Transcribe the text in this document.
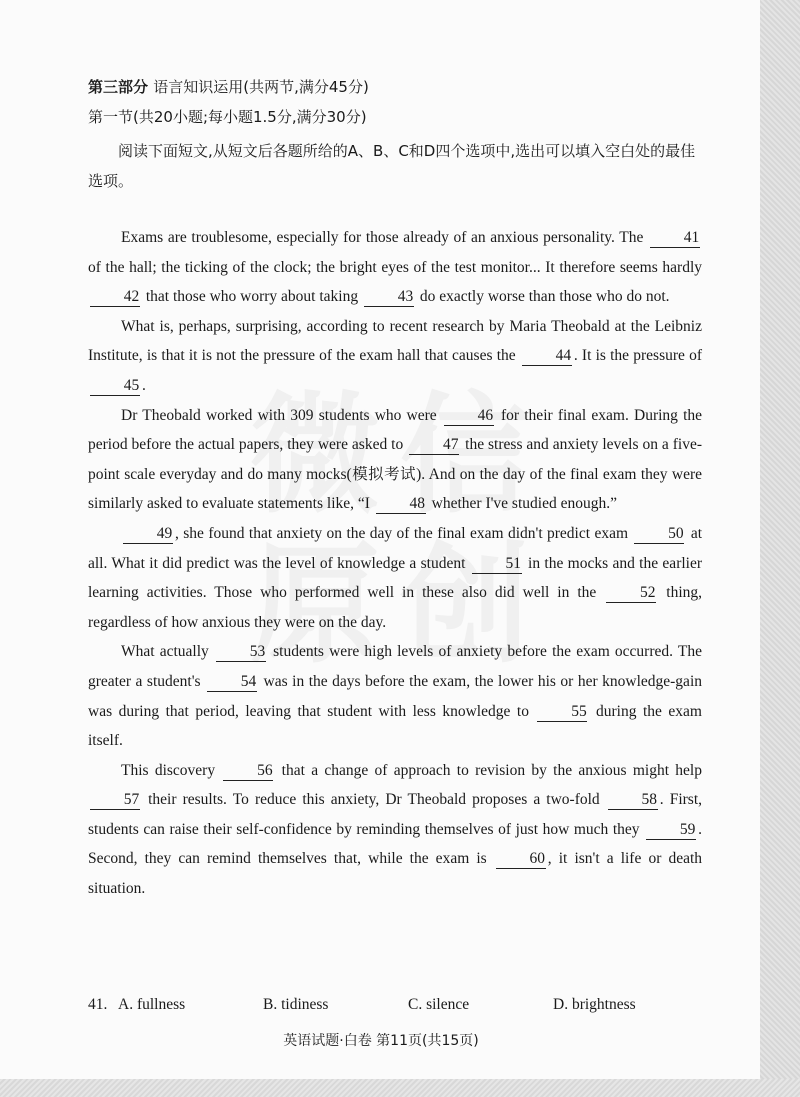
第三部分 语言知识运用(共两节,满分45分)
第一节(共20小题;每小题1.5分,满分30分)
阅读下面短文,从短文后各题所给的A、B、C和D四个选项中,选出可以填入空白处的最佳选项。

Exams are troublesome, especially for those already of an anxious personality. The	41 of the hall; the ticking of the clock; the bright eyes of the test monitor... It therefore seems hardly 42 that those who worry about taking	43 do exactly worse than those who do not.

What is, perhaps, surprising, according to recent research by Maria Theobald at the Leibniz Institute, is that it is not the pressure of the exam hall that causes the	44 . It is the pressure of 45 .

Dr Theobald worked with 309 students who were	46 for their final exam. During the period before the actual papers, they were asked to	47 the stress and anxiety levels on a five-point scale everyday and do many mocks(模拟考试). And on the day of the final exam they were similarly asked to evaluate statements like, “I	48 whether I've studied enough.”

49 , she found that anxiety on the day of the final exam didn't predict exam	50 at all. What it did predict was the level of knowledge a student	51 in the mocks and the earlier learning activities. Those who performed well in these also did well in the	52 thing, regardless of how anxious they were on the day.

What actually	53 students were high levels of anxiety before the exam occurred. The greater a student's	54 was in the days before the exam, the lower his or her knowledge-gain was during that period, leaving that student with less knowledge to	55 during the exam itself.

This discovery	56 that a change of approach to revision by the anxious might help 57 their results. To reduce this anxiety, Dr Theobald proposes a two-fold	58 . First, students can raise their self-confidence by reminding themselves of just how much they	59 . Second, they can remind themselves that, while the exam is	60 , it isn't a life or death situation.

41. A. fullness	B. tidiness	C. silence	D. brightness
英语试题·白卷 第11页(共15页)
